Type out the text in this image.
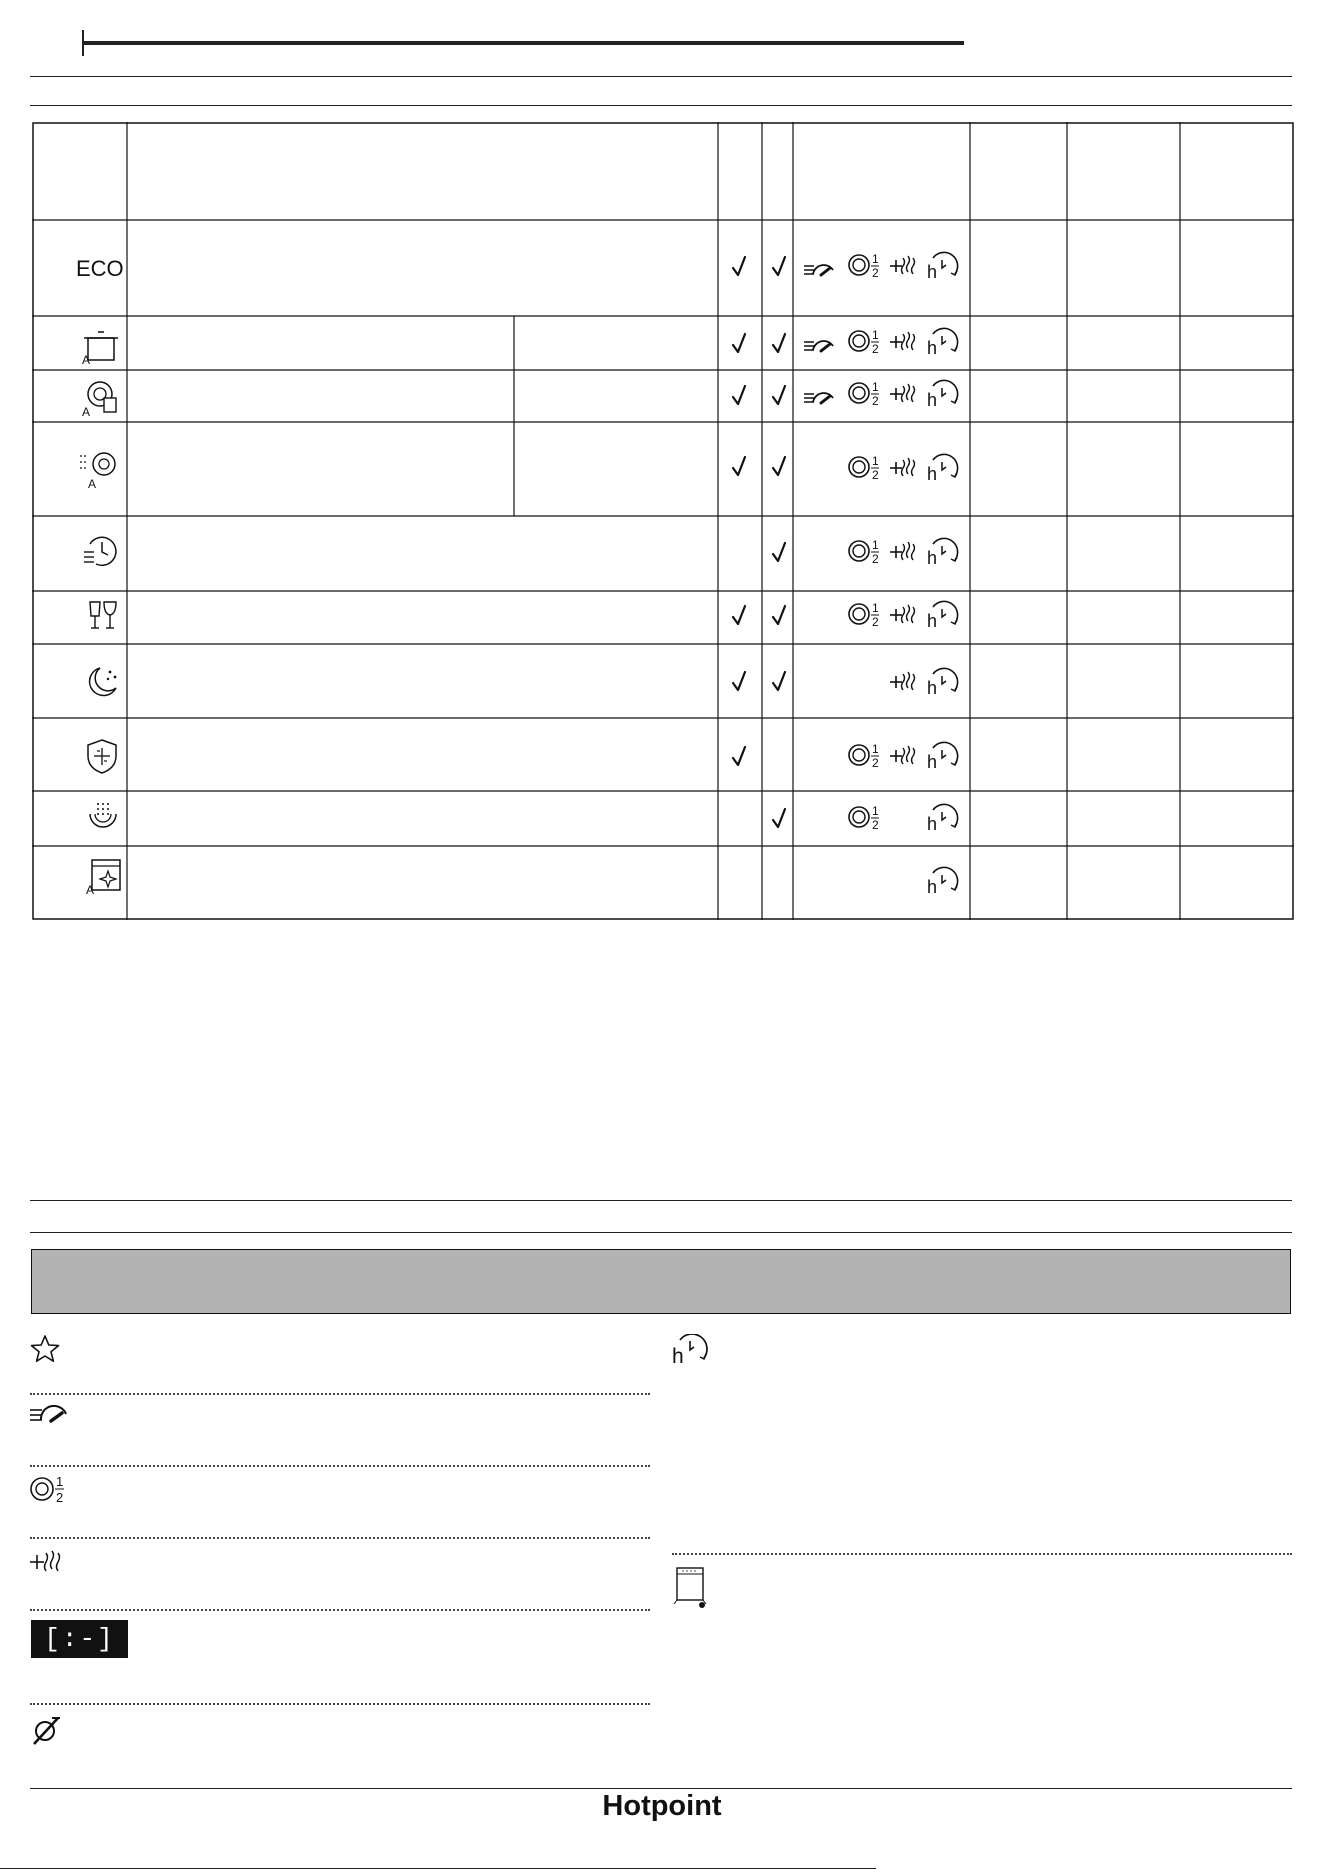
1
2
h
ECO
A
A
A
A
1
2
[:-]
h
Hotpoint
